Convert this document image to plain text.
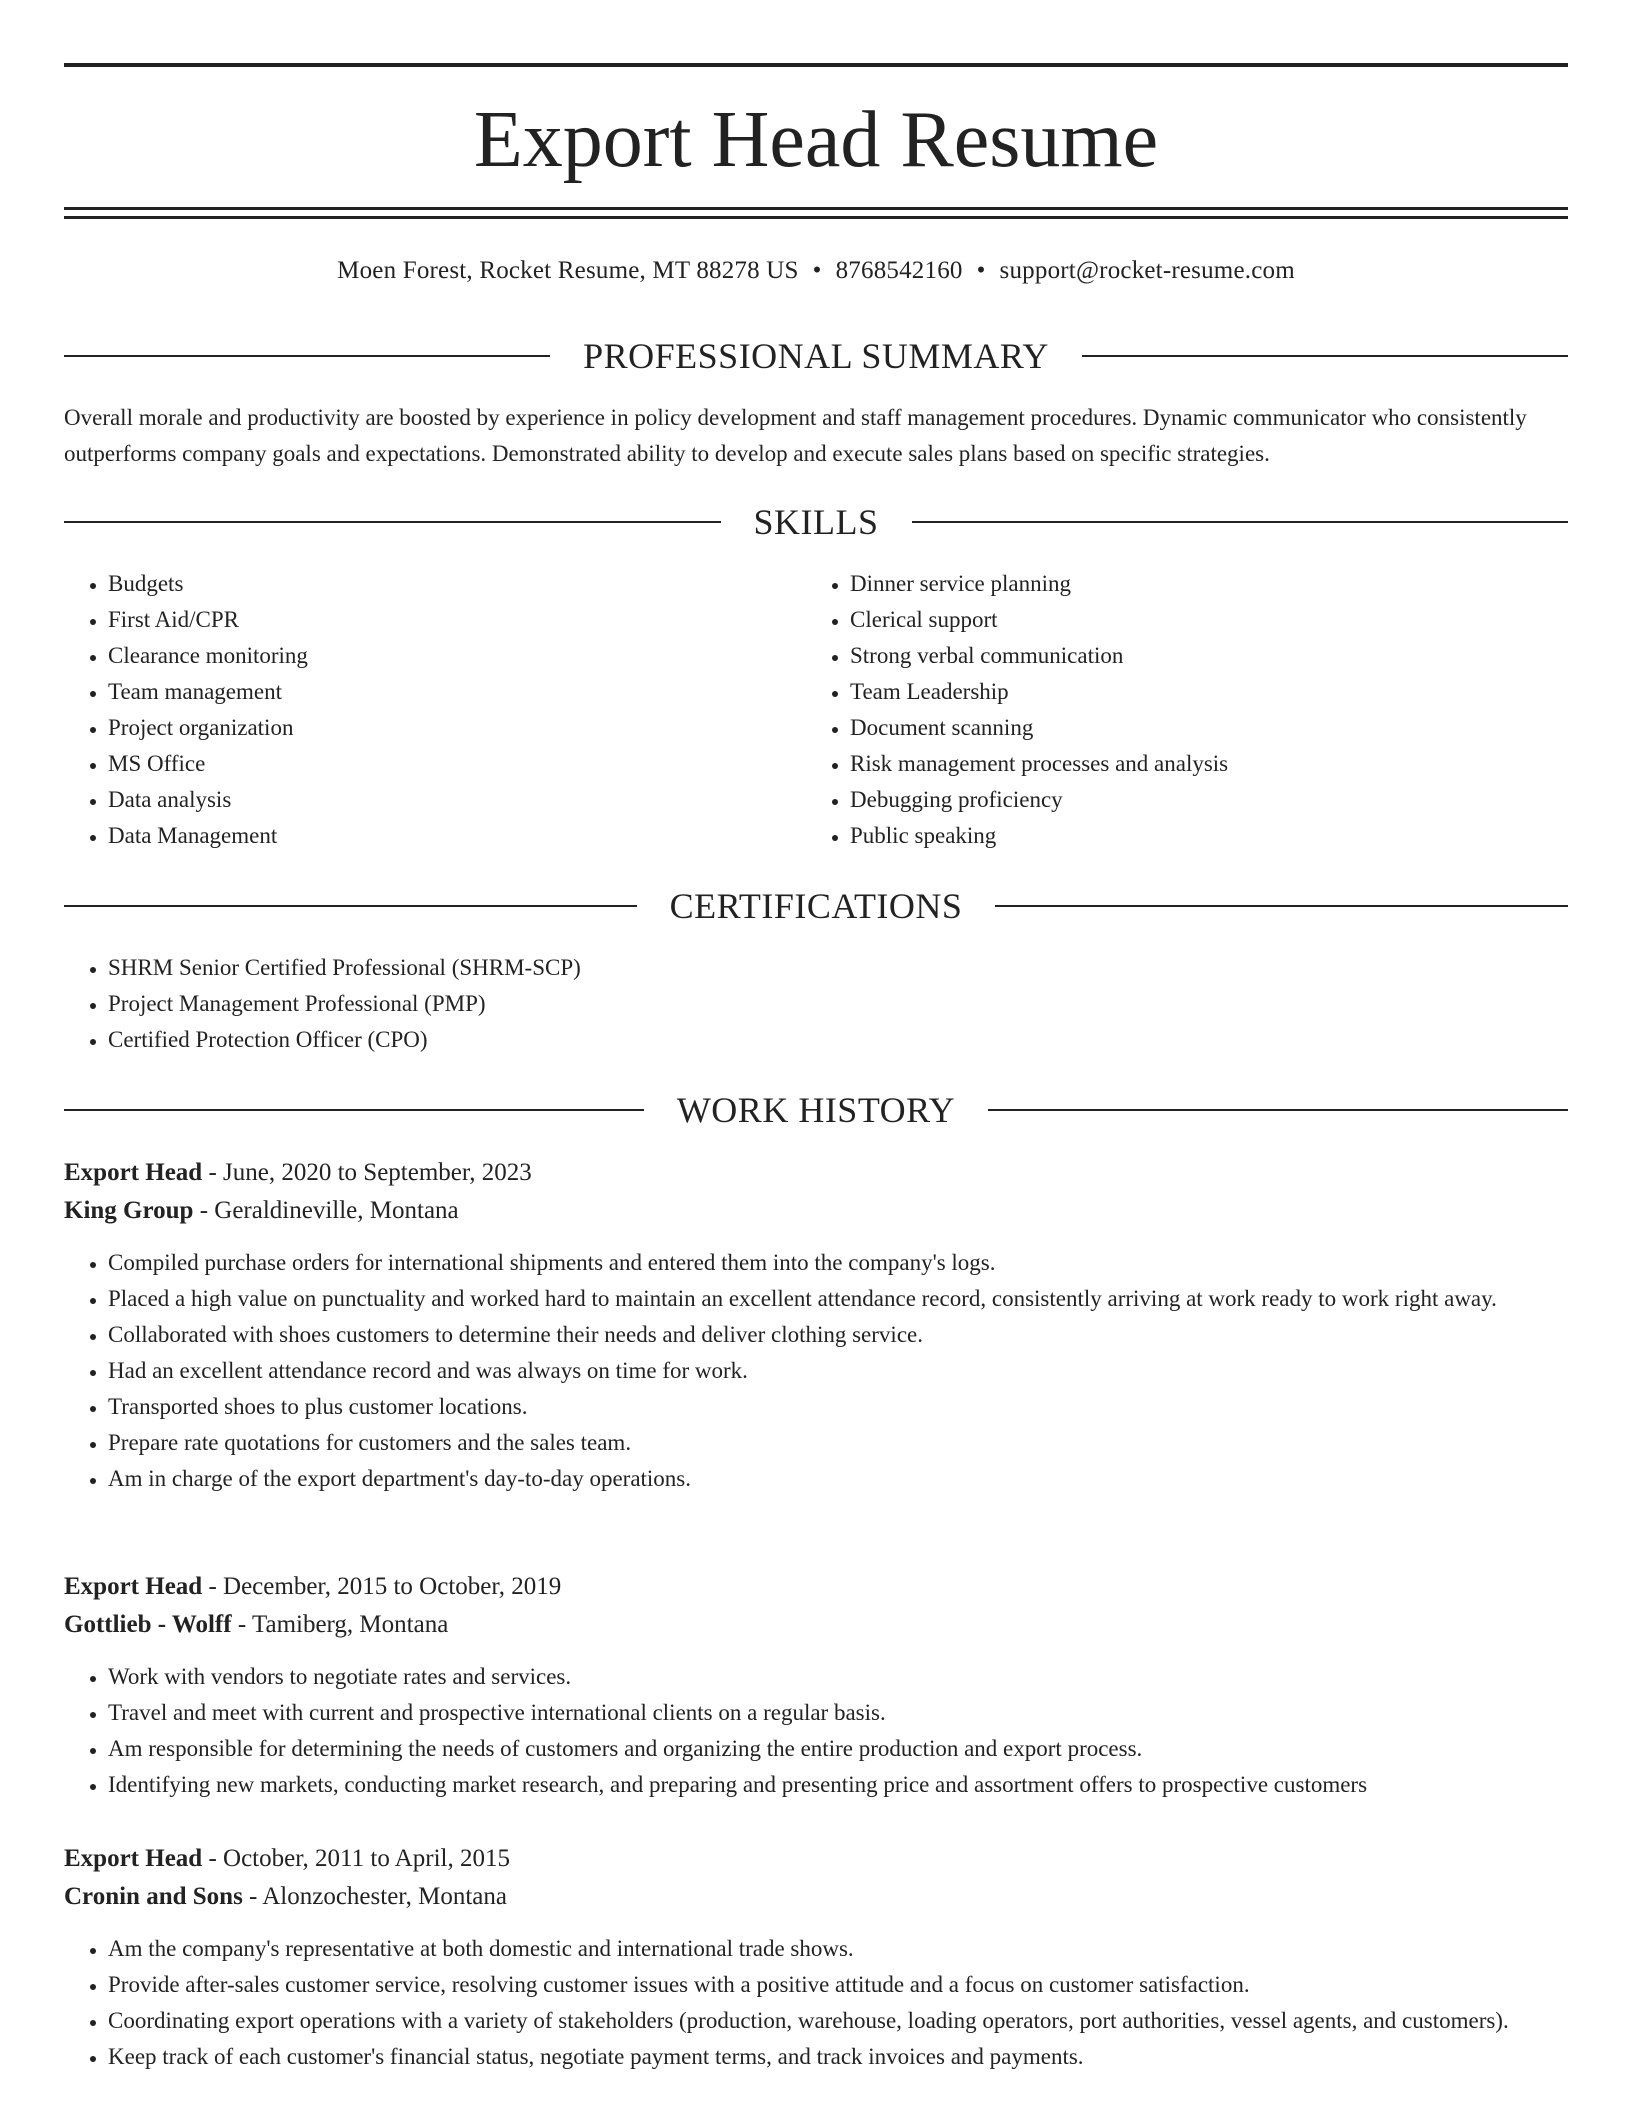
Export Head Resume
Moen Forest, Rocket Resume, MT 88278 US • 8768542160 • support@rocket-resume.com
PROFESSIONAL SUMMARY

Overall morale and productivity are boosted by experience in policy development and staff management procedures. Dynamic communicator who consistently outperforms company goals and expectations. Demonstrated ability to develop and execute sales plans based on specific strategies.

SKILLS
• Budgets
• First Aid/CPR
• Clearance monitoring
• Team management
• Project organization
• MS Office
• Data analysis
• Data Management
• Dinner service planning
• Clerical support
• Strong verbal communication
• Team Leadership
• Document scanning
• Risk management processes and analysis
• Debugging proficiency
• Public speaking
CERTIFICATIONS
• SHRM Senior Certified Professional (SHRM-SCP)
• Project Management Professional (PMP)
• Certified Protection Officer (CPO)
WORK HISTORY
Export Head - June, 2020 to September, 2023
King Group - Geraldineville, Montana
• Compiled purchase orders for international shipments and entered them into the company's logs.
• Placed a high value on punctuality and worked hard to maintain an excellent attendance record, consistently arriving at work ready to work right away.
• Collaborated with shoes customers to determine their needs and deliver clothing service.
• Had an excellent attendance record and was always on time for work.
• Transported shoes to plus customer locations.
• Prepare rate quotations for customers and the sales team.
• Am in charge of the export department's day-to-day operations.
Export Head - December, 2015 to October, 2019
Gottlieb - Wolff - Tamiberg, Montana
• Work with vendors to negotiate rates and services.
• Travel and meet with current and prospective international clients on a regular basis.
• Am responsible for determining the needs of customers and organizing the entire production and export process.
• Identifying new markets, conducting market research, and preparing and presenting price and assortment offers to prospective customers
Export Head - October, 2011 to April, 2015
Cronin and Sons - Alonzochester, Montana
• Am the company's representative at both domestic and international trade shows.
• Provide after-sales customer service, resolving customer issues with a positive attitude and a focus on customer satisfaction.
• Coordinating export operations with a variety of stakeholders (production, warehouse, loading operators, port authorities, vessel agents, and customers).
• Keep track of each customer's financial status, negotiate payment terms, and track invoices and payments.
